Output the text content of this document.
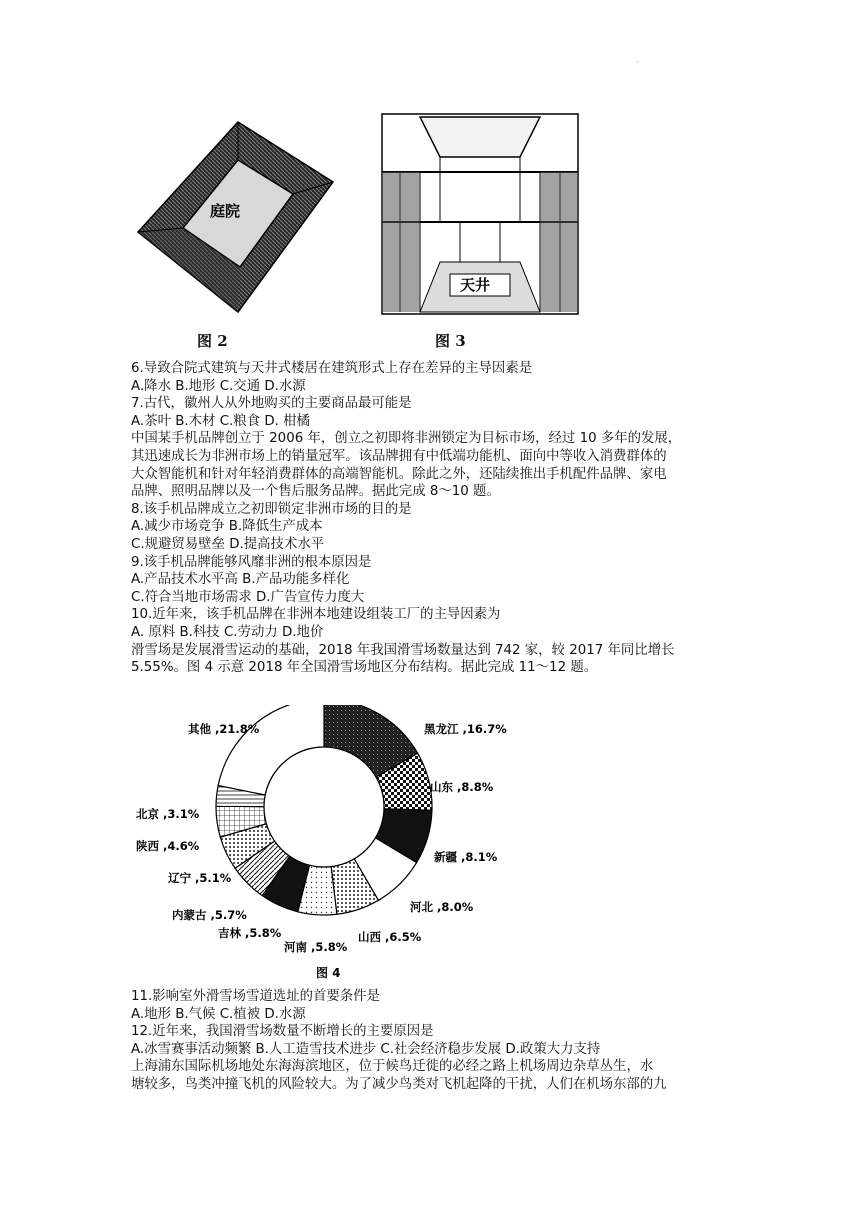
·
庭院
图 2
天井
图 3

6.导致合院式建筑与天井式楼居在建筑形式上存在差异的主导因素是

A.降水 B.地形 C.交通 D.水源

7.古代，徽州人从外地购买的主要商品最可能是

A.茶叶 B.木材 C.粮食 D. 柑橘

中国某手机品牌创立于 2006 年，创立之初即将非洲锁定为目标市场，经过 10 多年的发展，

其迅速成长为非洲市场上的销量冠军。该品牌拥有中低端功能机、面向中等收入消费群体的

大众智能机和针对年轻消费群体的高端智能机。除此之外，还陆续推出手机配件品牌、家电

品牌、照明品牌以及一个售后服务品牌。据此完成 8～10 题。

8.该手机品牌成立之初即锁定非洲市场的目的是

A.减少市场竞争 B.降低生产成本

C.规避贸易壁垒 D.提高技术水平

9.该手机品牌能够风靡非洲的根本原因是

A.产品技术水平高 B.产品功能多样化

C.符合当地市场需求 D.广告宣传力度大

10.近年来，该手机品牌在非洲本地建设组装工厂的主导因素为

A. 原料 B.科技 C.劳动力 D.地价

滑雪场是发展滑雪运动的基础，2018 年我国滑雪场数量达到 742 家，较 2017 年同比增长

5.55%。图 4 示意 2018 年全国滑雪场地区分布结构。据此完成 11～12 题。

黑龙江 ,16.7%
山东 ,8.8%
新疆 ,8.1%
河北 ,8.0%
山西 ,6.5%
河南 ,5.8%
吉林 ,5.8%
内蒙古 ,5.7%
辽宁 ,5.1%
陕西 ,4.6%
北京 ,3.1%
其他 ,21.8%
图 4

11.影响室外滑雪场雪道选址的首要条件是

A.地形 B.气候 C.植被 D.水源

12.近年来，我国滑雪场数量不断增长的主要原因是

A.冰雪赛事活动频繁 B.人工造雪技术进步 C.社会经济稳步发展 D.政策大力支持

上海浦东国际机场地处东海海滨地区，位于候鸟迁徙的必经之路上机场周边杂草丛生，水

塘较多，鸟类冲撞飞机的风险较大。为了减少鸟类对飞机起降的干扰，人们在机场东部的九
